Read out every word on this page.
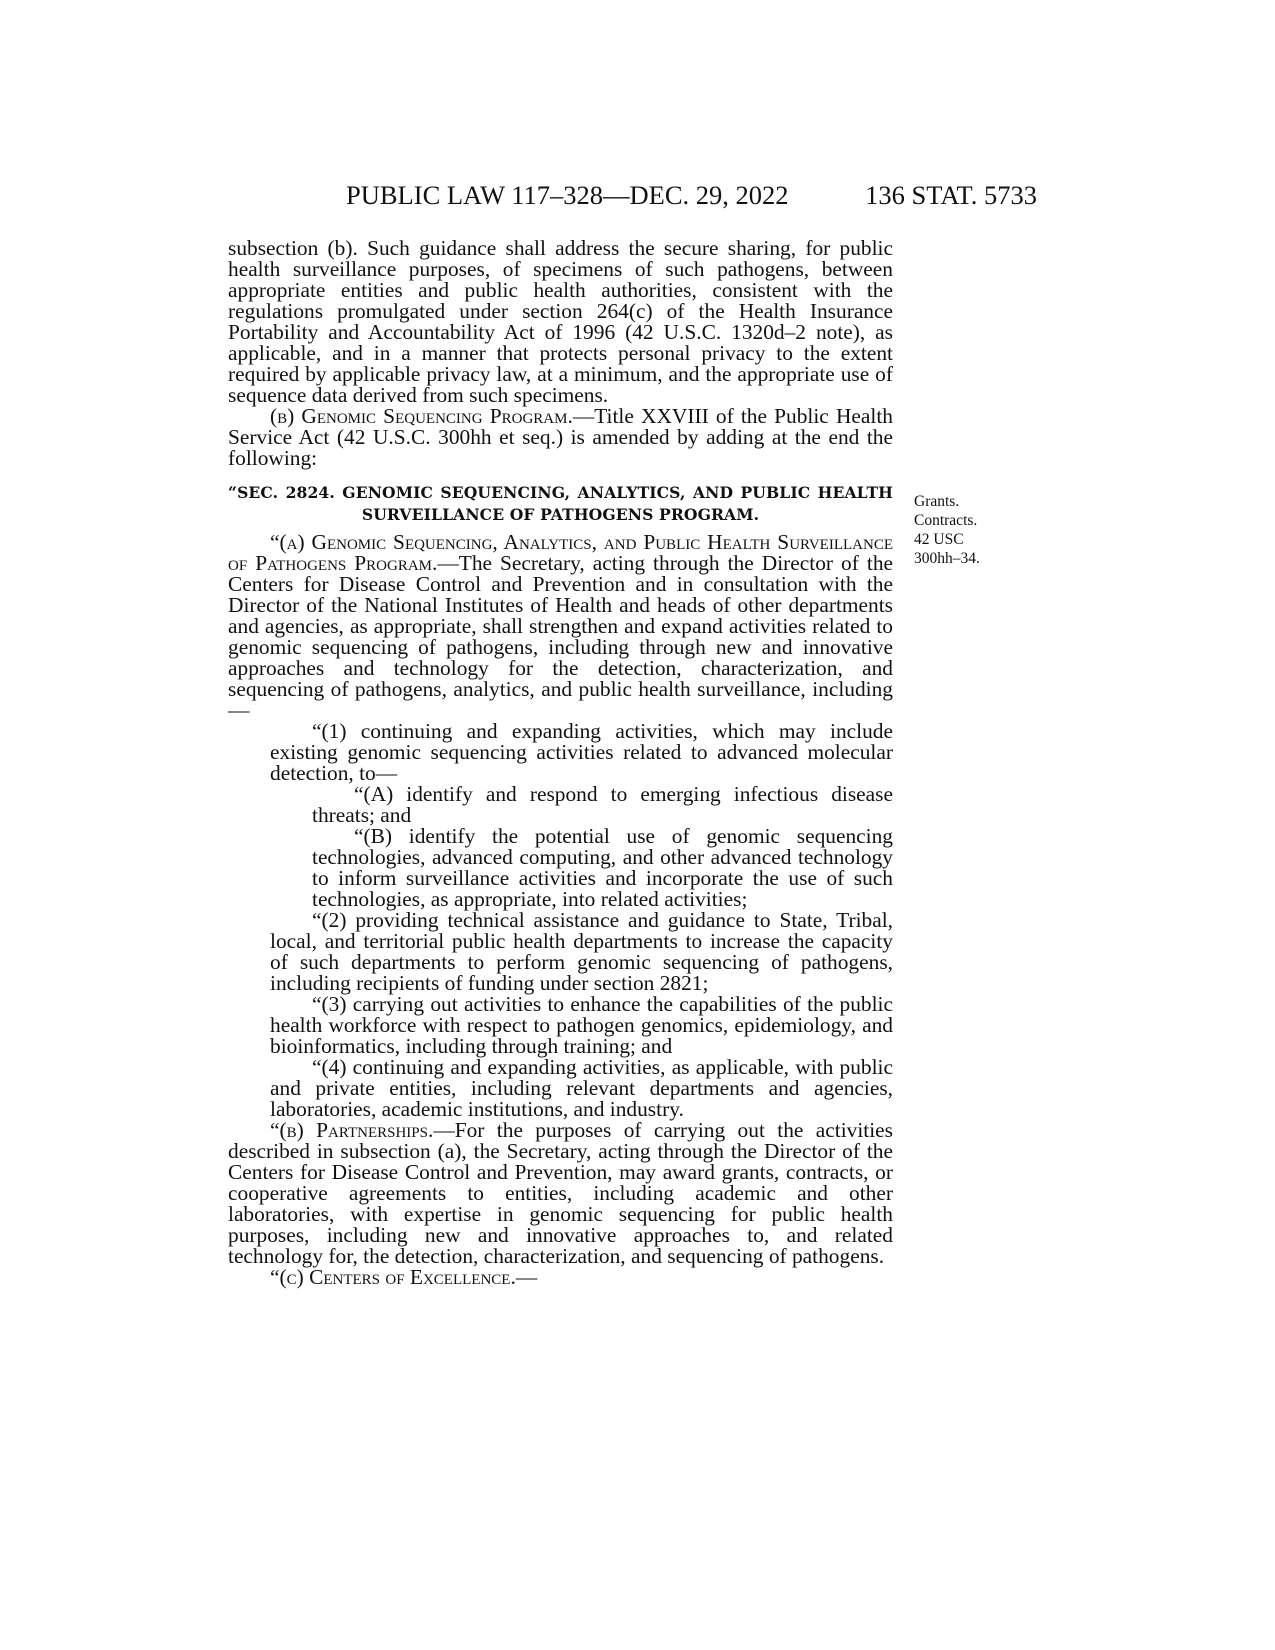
PUBLIC LAW 117–328—DEC. 29, 2022	136 STAT. 5733
Grants.
Contracts.
42 USC
300hh–34.

subsection (b). Such guidance shall address the secure sharing, for public health surveillance purposes, of specimens of such pathogens, between appropriate entities and public health authorities, consistent with the regulations promulgated under section 264(c) of the Health Insurance Portability and Accountability Act of 1996 (42 U.S.C. 1320d–2 note), as applicable, and in a manner that protects personal privacy to the extent required by applicable privacy law, at a minimum, and the appropriate use of sequence data derived from such specimens.

(b) Genomic Sequencing Program.—Title XXVIII of the Public Health Service Act (42 U.S.C. 300hh et seq.) is amended by adding at the end the following:

“SEC. 2824. GENOMIC SEQUENCING, ANALYTICS, AND PUBLIC HEALTH
SURVEILLANCE OF PATHOGENS PROGRAM.

“(a) Genomic Sequencing, Analytics, and Public Health Surveillance of Pathogens Program.—The Secretary, acting through the Director of the Centers for Disease Control and Prevention and in consultation with the Director of the National Institutes of Health and heads of other departments and agencies, as appropriate, shall strengthen and expand activities related to genomic sequencing of pathogens, including through new and innovative approaches and technology for the detection, characterization, and sequencing of pathogens, analytics, and public health surveillance, including—

“(1) continuing and expanding activities, which may include existing genomic sequencing activities related to advanced molecular detection, to—

“(A) identify and respond to emerging infectious disease threats; and

“(B) identify the potential use of genomic sequencing technologies, advanced computing, and other advanced technology to inform surveillance activities and incorporate the use of such technologies, as appropriate, into related activities;

“(2) providing technical assistance and guidance to State, Tribal, local, and territorial public health departments to increase the capacity of such departments to perform genomic sequencing of pathogens, including recipients of funding under section 2821;

“(3) carrying out activities to enhance the capabilities of the public health workforce with respect to pathogen genomics, epidemiology, and bioinformatics, including through training; and

“(4) continuing and expanding activities, as applicable, with public and private entities, including relevant departments and agencies, laboratories, academic institutions, and industry.

“(b) Partnerships.—For the purposes of carrying out the activities described in subsection (a), the Secretary, acting through the Director of the Centers for Disease Control and Prevention, may award grants, contracts, or cooperative agreements to entities, including academic and other laboratories, with expertise in genomic sequencing for public health purposes, including new and innovative approaches to, and related technology for, the detection, characterization, and sequencing of pathogens.

“(c) Centers of Excellence.—
